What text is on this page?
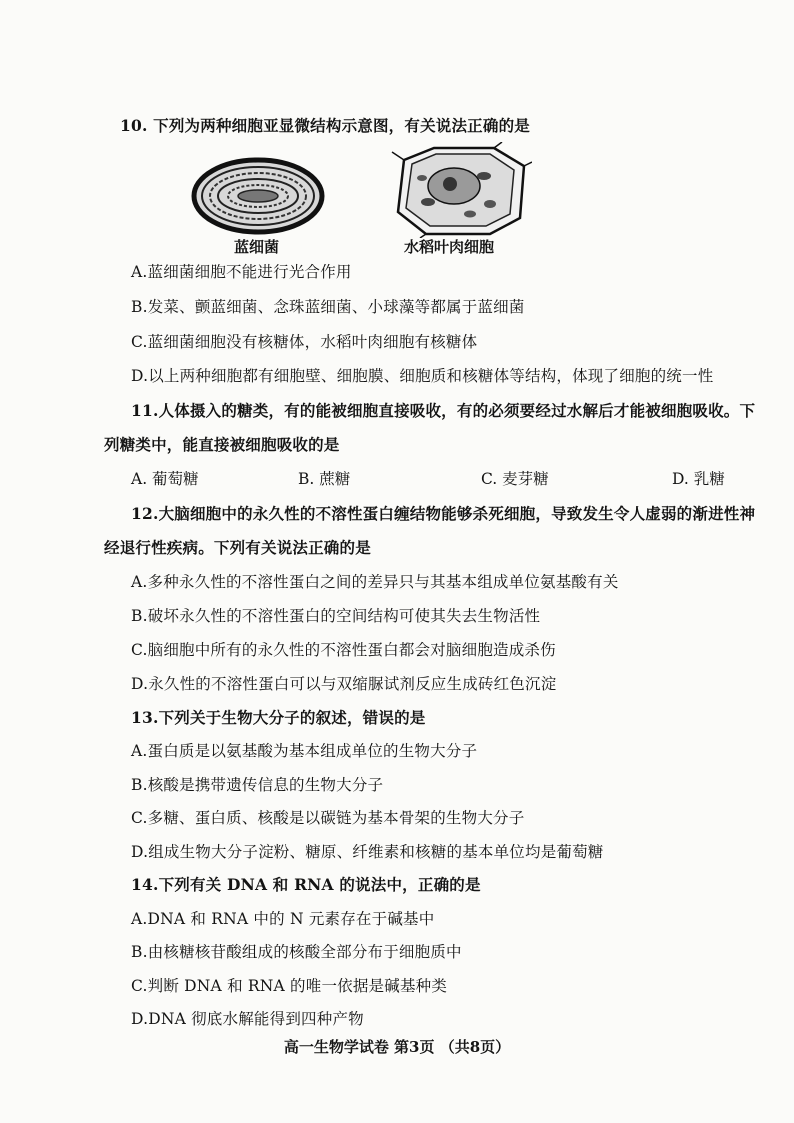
10. 下列为两种细胞亚显微结构示意图，有关说法正确的是
蓝细菌	水稻叶肉细胞
A.蓝细菌细胞不能进行光合作用
B.发菜、颤蓝细菌、念珠蓝细菌、小球藻等都属于蓝细菌
C.蓝细菌细胞没有核糖体，水稻叶肉细胞有核糖体
D.以上两种细胞都有细胞壁、细胞膜、细胞质和核糖体等结构，体现了细胞的统一性
11.人体摄入的糖类，有的能被细胞直接吸收，有的必须要经过水解后才能被细胞吸收。下
列糖类中，能直接被细胞吸收的是
A. 葡萄糖	B. 蔗糖	C. 麦芽糖	D. 乳糖
12.大脑细胞中的永久性的不溶性蛋白缠结物能够杀死细胞，导致发生令人虚弱的渐进性神
经退行性疾病。下列有关说法正确的是
A.多种永久性的不溶性蛋白之间的差异只与其基本组成单位氨基酸有关
B.破坏永久性的不溶性蛋白的空间结构可使其失去生物活性
C.脑细胞中所有的永久性的不溶性蛋白都会对脑细胞造成杀伤
D.永久性的不溶性蛋白可以与双缩脲试剂反应生成砖红色沉淀
13.下列关于生物大分子的叙述，错误的是
A.蛋白质是以氨基酸为基本组成单位的生物大分子
B.核酸是携带遗传信息的生物大分子
C.多糖、蛋白质、核酸是以碳链为基本骨架的生物大分子
D.组成生物大分子淀粉、糖原、纤维素和核糖的基本单位均是葡萄糖
14.下列有关 DNA 和 RNA 的说法中，正确的是
A.DNA 和 RNA 中的 N 元素存在于碱基中
B.由核糖核苷酸组成的核酸全部分布于细胞质中
C.判断 DNA 和 RNA 的唯一依据是碱基种类
D.DNA 彻底水解能得到四种产物
高一生物学试卷 第3页 （共8页）
